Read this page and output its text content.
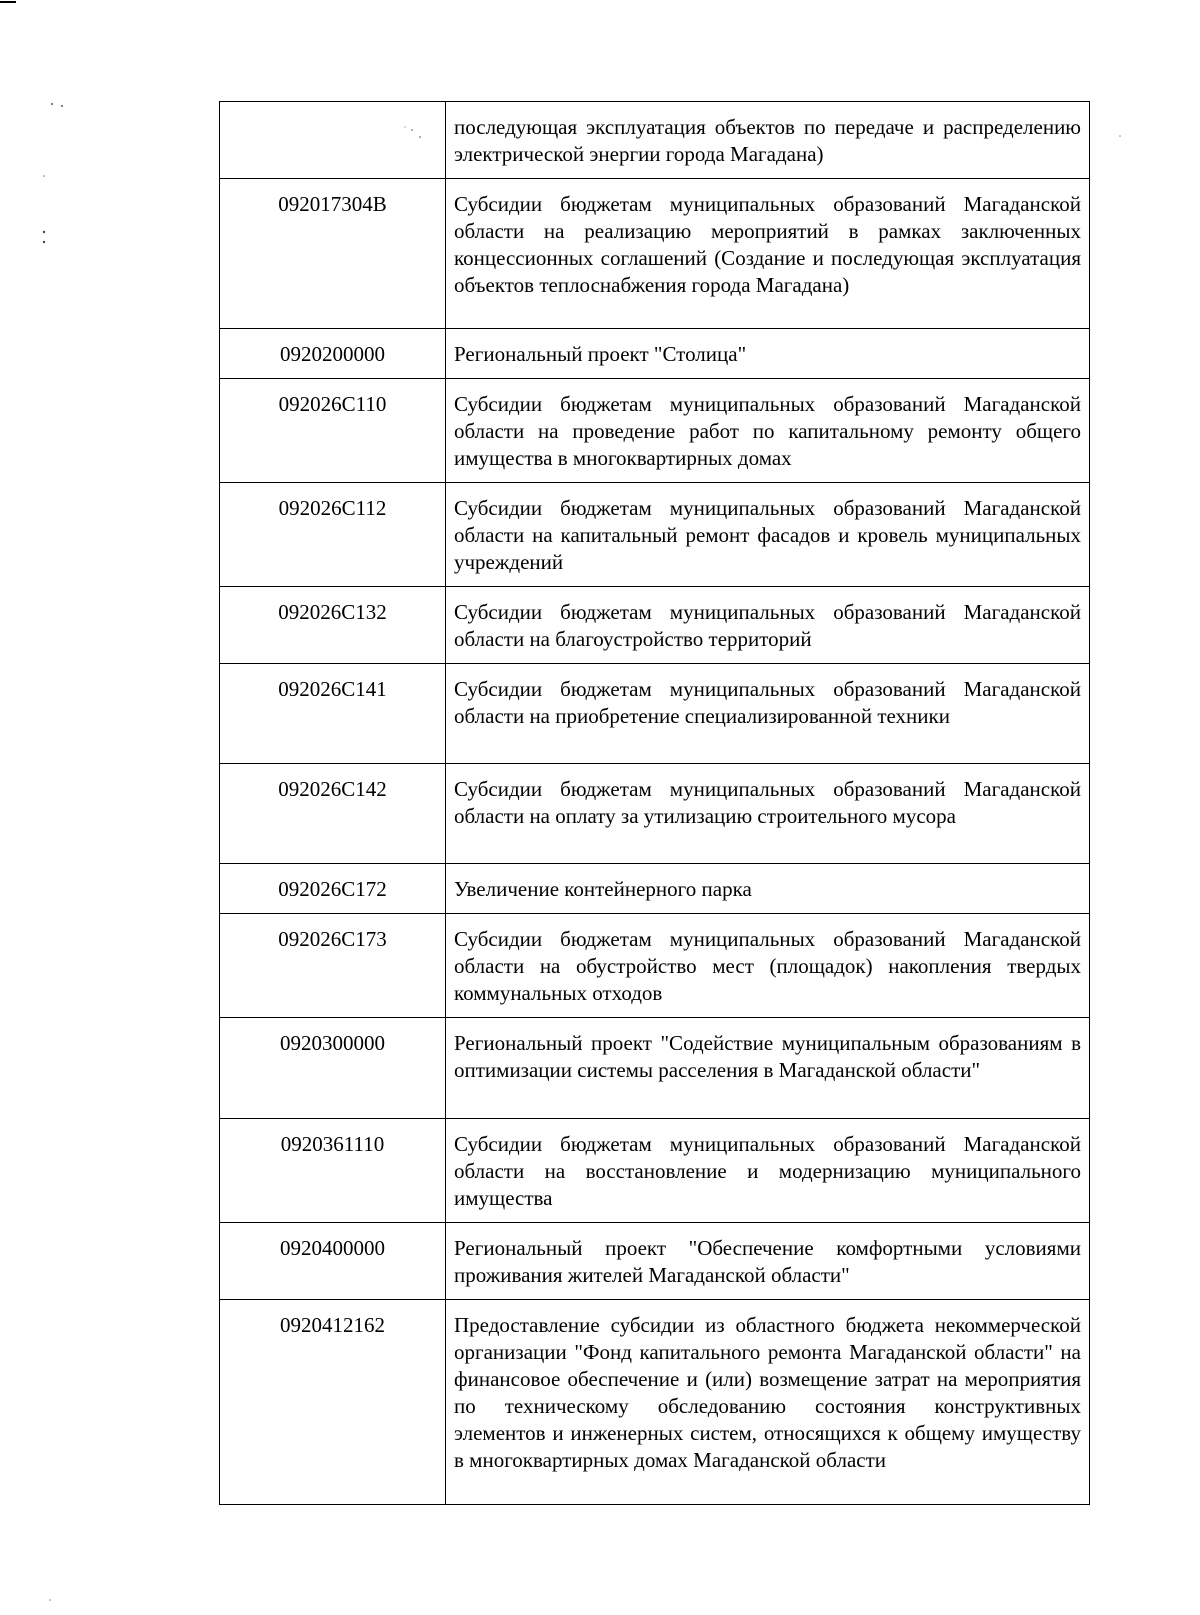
	последующая эксплуатация объектов по передаче и распределению электрической энергии города Магадана)
092017304B	Субсидии бюджетам муниципальных образований Магаданской области на реализацию мероприятий в рамках заключенных концессионных соглашений (Создание и последующая эксплуатация объектов теплоснабжения города Магадана)
0920200000	Региональный проект "Столица"
092026С110	Субсидии бюджетам муниципальных образований Магаданской области на проведение работ по капитальному ремонту общего имущества в многоквартирных домах
092026С112	Субсидии бюджетам муниципальных образований Магаданской области на капитальный ремонт фасадов и кровель муниципальных учреждений
092026С132	Субсидии бюджетам муниципальных образований Магаданской области на благоустройство территорий
092026С141	Субсидии бюджетам муниципальных образований Магаданской области на приобретение специализированной техники
092026С142	Субсидии бюджетам муниципальных образований Магаданской области на оплату за утилизацию строительного мусора
092026С172	Увеличение контейнерного парка
092026С173	Субсидии бюджетам муниципальных образований Магаданской области на обустройство мест (площадок) накопления твердых коммунальных отходов
0920300000	Региональный проект "Содействие муниципальным образованиям в оптимизации системы расселения в Магаданской области"
0920361110	Субсидии бюджетам муниципальных образований Магаданской области на восстановление и модернизацию муниципального имущества
0920400000	Региональный проект "Обеспечение комфортными условиями проживания жителей Магаданской области"
0920412162	Предоставление субсидии из областного бюджета некоммерческой организации "Фонд капитального ремонта Магаданской области" на финансовое обеспечение и (или) возмещение затрат на мероприятия по техническому обследованию состояния конструктивных элементов и инженерных систем, относящихся к общему имуществу в многоквартирных домах Магаданской области
